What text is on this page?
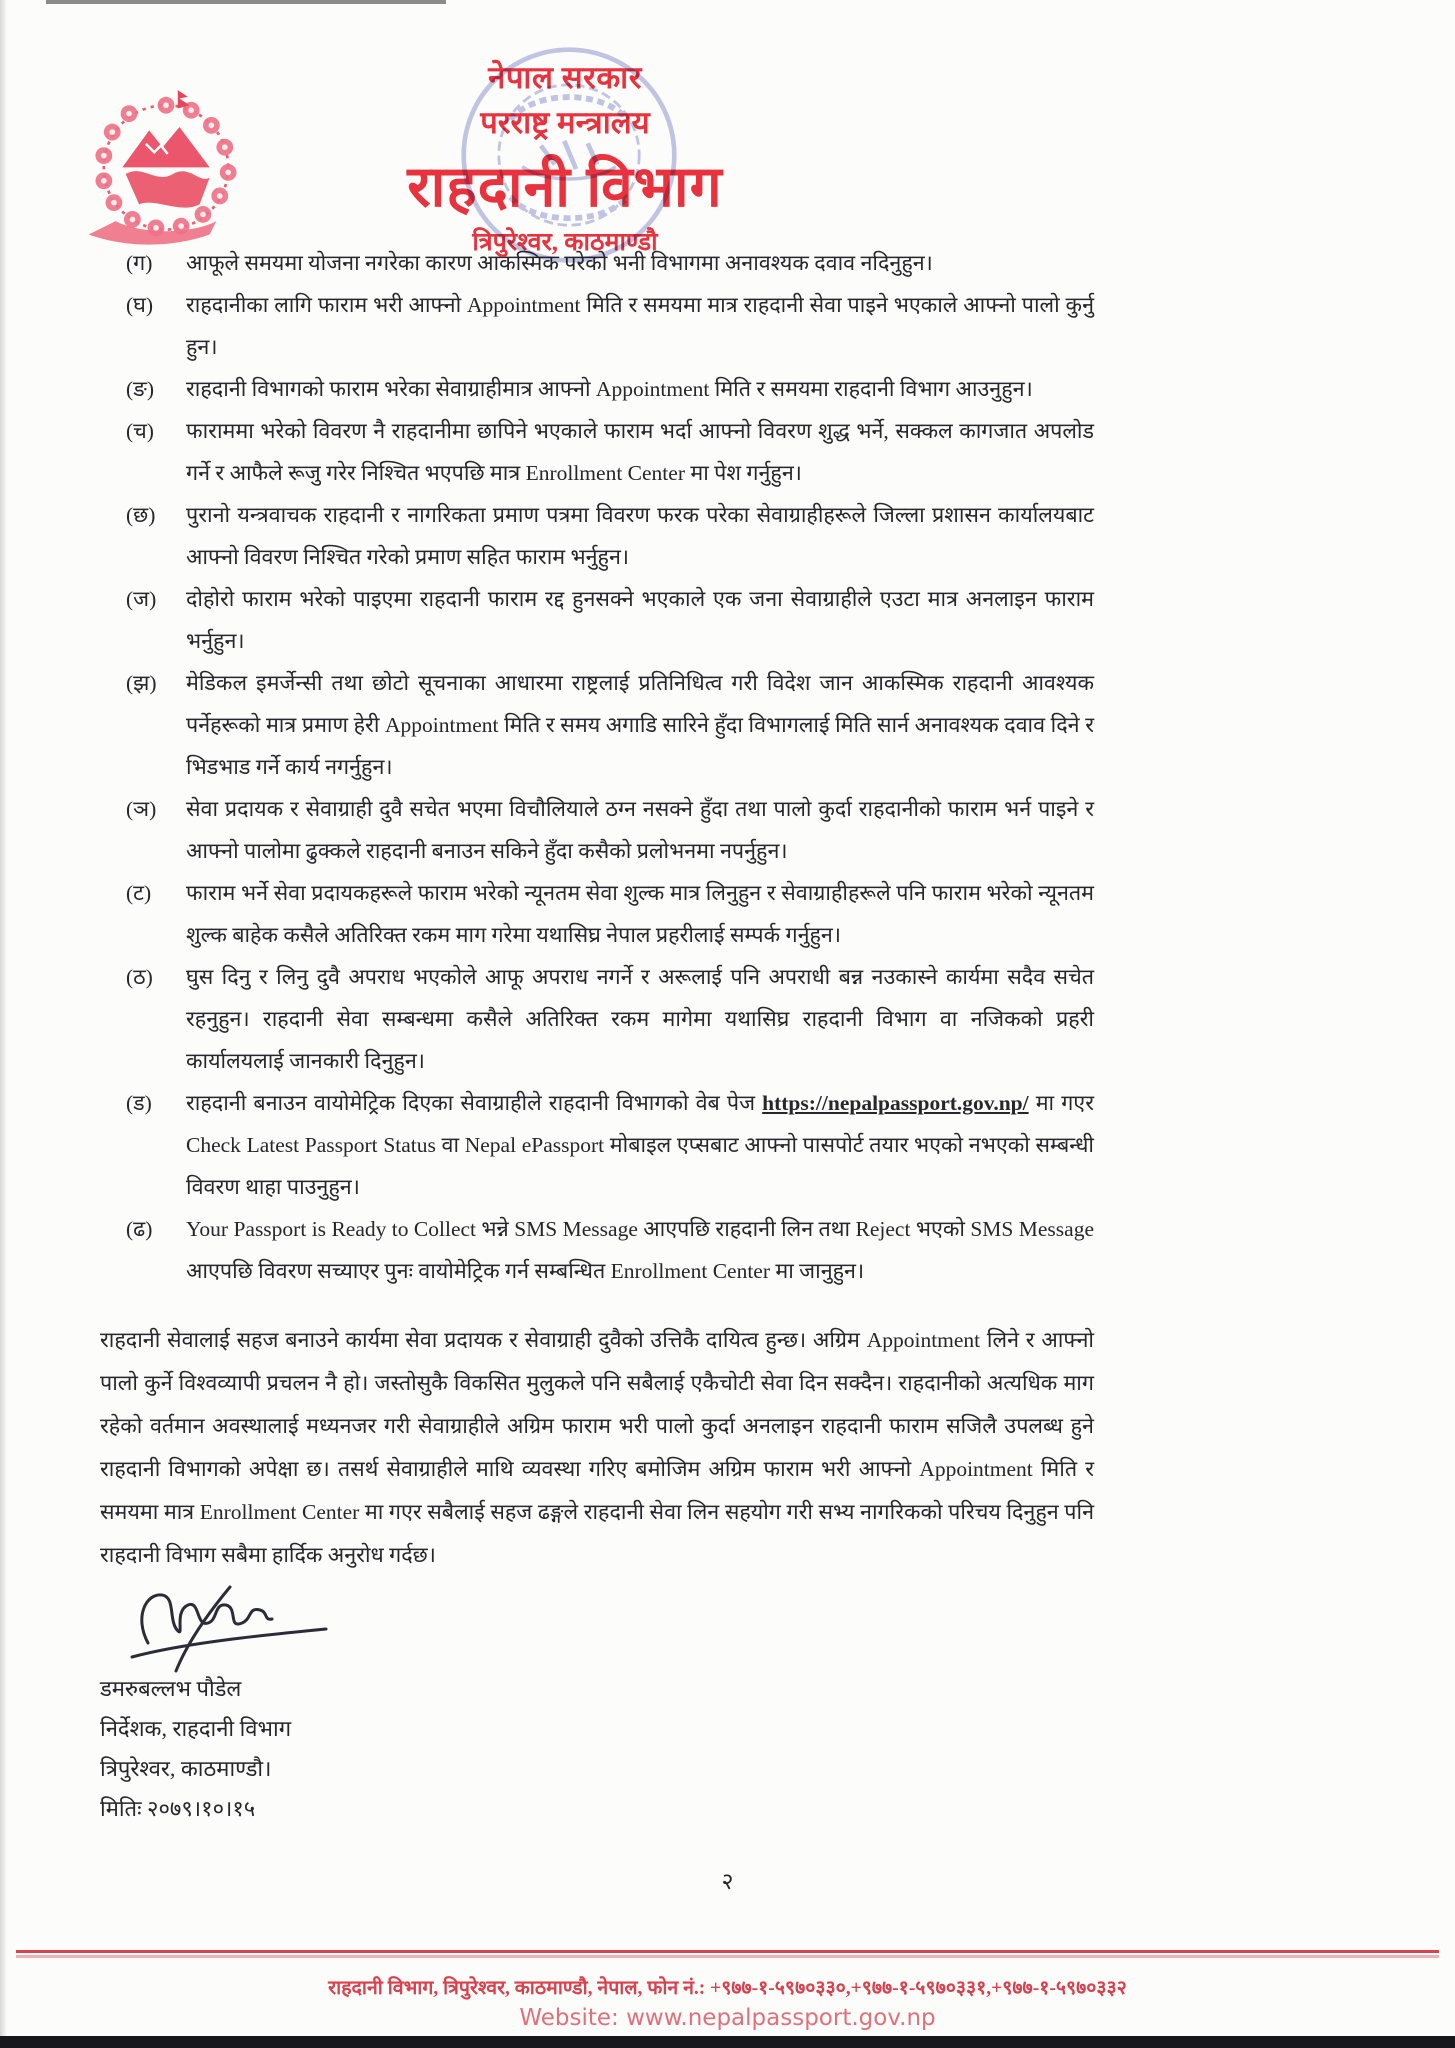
नेपाल सरकार
परराष्ट्र मन्त्रालय
राहदानी विभाग
त्रिपुरेश्वर, काठमाण्डौ
(ग)	आफूले समयमा योजना नगरेका कारण आकस्मिक परेको भनी विभागमा अनावश्यक दवाव नदिनुहुन।
(घ)	राहदानीका लागि फाराम भरी आफ्नो Appointment मिति र समयमा मात्र राहदानी सेवा पाइने भएकाले आफ्नो पालो कुर्नु हुन।
(ङ)	राहदानी विभागको फाराम भरेका सेवाग्राहीमात्र आफ्नो Appointment मिति र समयमा राहदानी विभाग आउनुहुन।
(च)	फाराममा भरेको विवरण नै राहदानीमा छापिने भएकाले फाराम भर्दा आफ्नो विवरण शुद्ध भर्ने, सक्कल कागजात अपलोड गर्ने र आफैले रूजु गरेर निश्चित भएपछि मात्र Enrollment Center मा पेश गर्नुहुन।
(छ)	पुरानो यन्त्रवाचक राहदानी र नागरिकता प्रमाण पत्रमा विवरण फरक परेका सेवाग्राहीहरूले जिल्ला प्रशासन कार्यालयबाट आफ्नो विवरण निश्चित गरेको प्रमाण सहित फाराम भर्नुहुन।
(ज)	दोहोरो फाराम भरेको पाइएमा राहदानी फाराम रद्द हुनसक्ने भएकाले एक जना सेवाग्राहीले एउटा मात्र अनलाइन फाराम भर्नुहुन।
(झ)	मेडिकल इमर्जेन्सी तथा छोटो सूचनाका आधारमा राष्ट्रलाई प्रतिनिधित्व गरी विदेश जान आकस्मिक राहदानी आवश्यक पर्नेहरूको मात्र प्रमाण हेरी Appointment मिति र समय अगाडि सारिने हुँदा विभागलाई मिति सार्न अनावश्यक दवाव दिने र भिडभाड गर्ने कार्य नगर्नुहुन।
(ञ)	सेवा प्रदायक र सेवाग्राही दुवै सचेत भएमा विचौलियाले ठग्न नसक्ने हुँदा तथा पालो कुर्दा राहदानीको फाराम भर्न पाइने र आफ्नो पालोमा ढुक्कले राहदानी बनाउन सकिने हुँदा कसैको प्रलोभनमा नपर्नुहुन।
(ट)	फाराम भर्ने सेवा प्रदायकहरूले फाराम भरेको न्यूनतम सेवा शुल्क मात्र लिनुहुन र सेवाग्राहीहरूले पनि फाराम भरेको न्यूनतम शुल्क बाहेक कसैले अतिरिक्त रकम माग गरेमा यथासिघ्र नेपाल प्रहरीलाई सम्पर्क गर्नुहुन।
(ठ)	घुस दिनु र लिनु दुवै अपराध भएकोले आफू अपराध नगर्ने र अरूलाई पनि अपराधी बन्न नउकास्ने कार्यमा सदैव सचेत रहनुहुन। राहदानी सेवा सम्बन्धमा कसैले अतिरिक्त रकम मागेमा यथासिघ्र राहदानी विभाग वा नजिकको प्रहरी कार्यालयलाई जानकारी दिनुहुन।
(ड)	राहदानी बनाउन वायोमेट्रिक दिएका सेवाग्राहीले राहदानी विभागको वेब पेज https://nepalpassport.gov.np/ मा गएर Check Latest Passport Status वा Nepal ePassport मोबाइल एप्सबाट आफ्नो पासपोर्ट तयार भएको नभएको सम्बन्धी विवरण थाहा पाउनुहुन।
(ढ)	Your Passport is Ready to Collect भन्ने SMS Message आएपछि राहदानी लिन तथा Reject भएको SMS Message आएपछि विवरण सच्याएर पुनः वायोमेट्रिक गर्न सम्बन्धित Enrollment Center मा जानुहुन।

राहदानी सेवालाई सहज बनाउने कार्यमा सेवा प्रदायक र सेवाग्राही दुवैको उत्तिकै दायित्व हुन्छ। अग्रिम Appointment लिने र आफ्नो पालो कुर्ने विश्वव्यापी प्रचलन नै हो। जस्तोसुकै विकसित मुलुकले पनि सबैलाई एकैचोटी सेवा दिन सक्दैन। राहदानीको अत्यधिक माग रहेको वर्तमान अवस्थालाई मध्यनजर गरी सेवाग्राहीले अग्रिम फाराम भरी पालो कुर्दा अनलाइन राहदानी फाराम सजिलै उपलब्ध हुने राहदानी विभागको अपेक्षा छ। तसर्थ सेवाग्राहीले माथि व्यवस्था गरिए बमोजिम अग्रिम फाराम भरी आफ्नो Appointment मिति र समयमा मात्र Enrollment Center मा गएर सबैलाई सहज ढङ्गले राहदानी सेवा लिन सहयोग गरी सभ्य नागरिकको परिचय दिनुहुन पनि राहदानी विभाग सबैमा हार्दिक अनुरोध गर्दछ।

डमरुबल्लभ पौडेल
निर्देशक, राहदानी विभाग
त्रिपुरेश्वर, काठमाण्डौ।
मितिः २०७९।१०।१५
२
राहदानी विभाग, त्रिपुरेश्वर, काठमाण्डौ, नेपाल, फोन नं.: +९७७-१-५९७०३३०,+९७७-१-५९७०३३१,+९७७-१-५९७०३३२
Website: www.nepalpassport.gov.np
